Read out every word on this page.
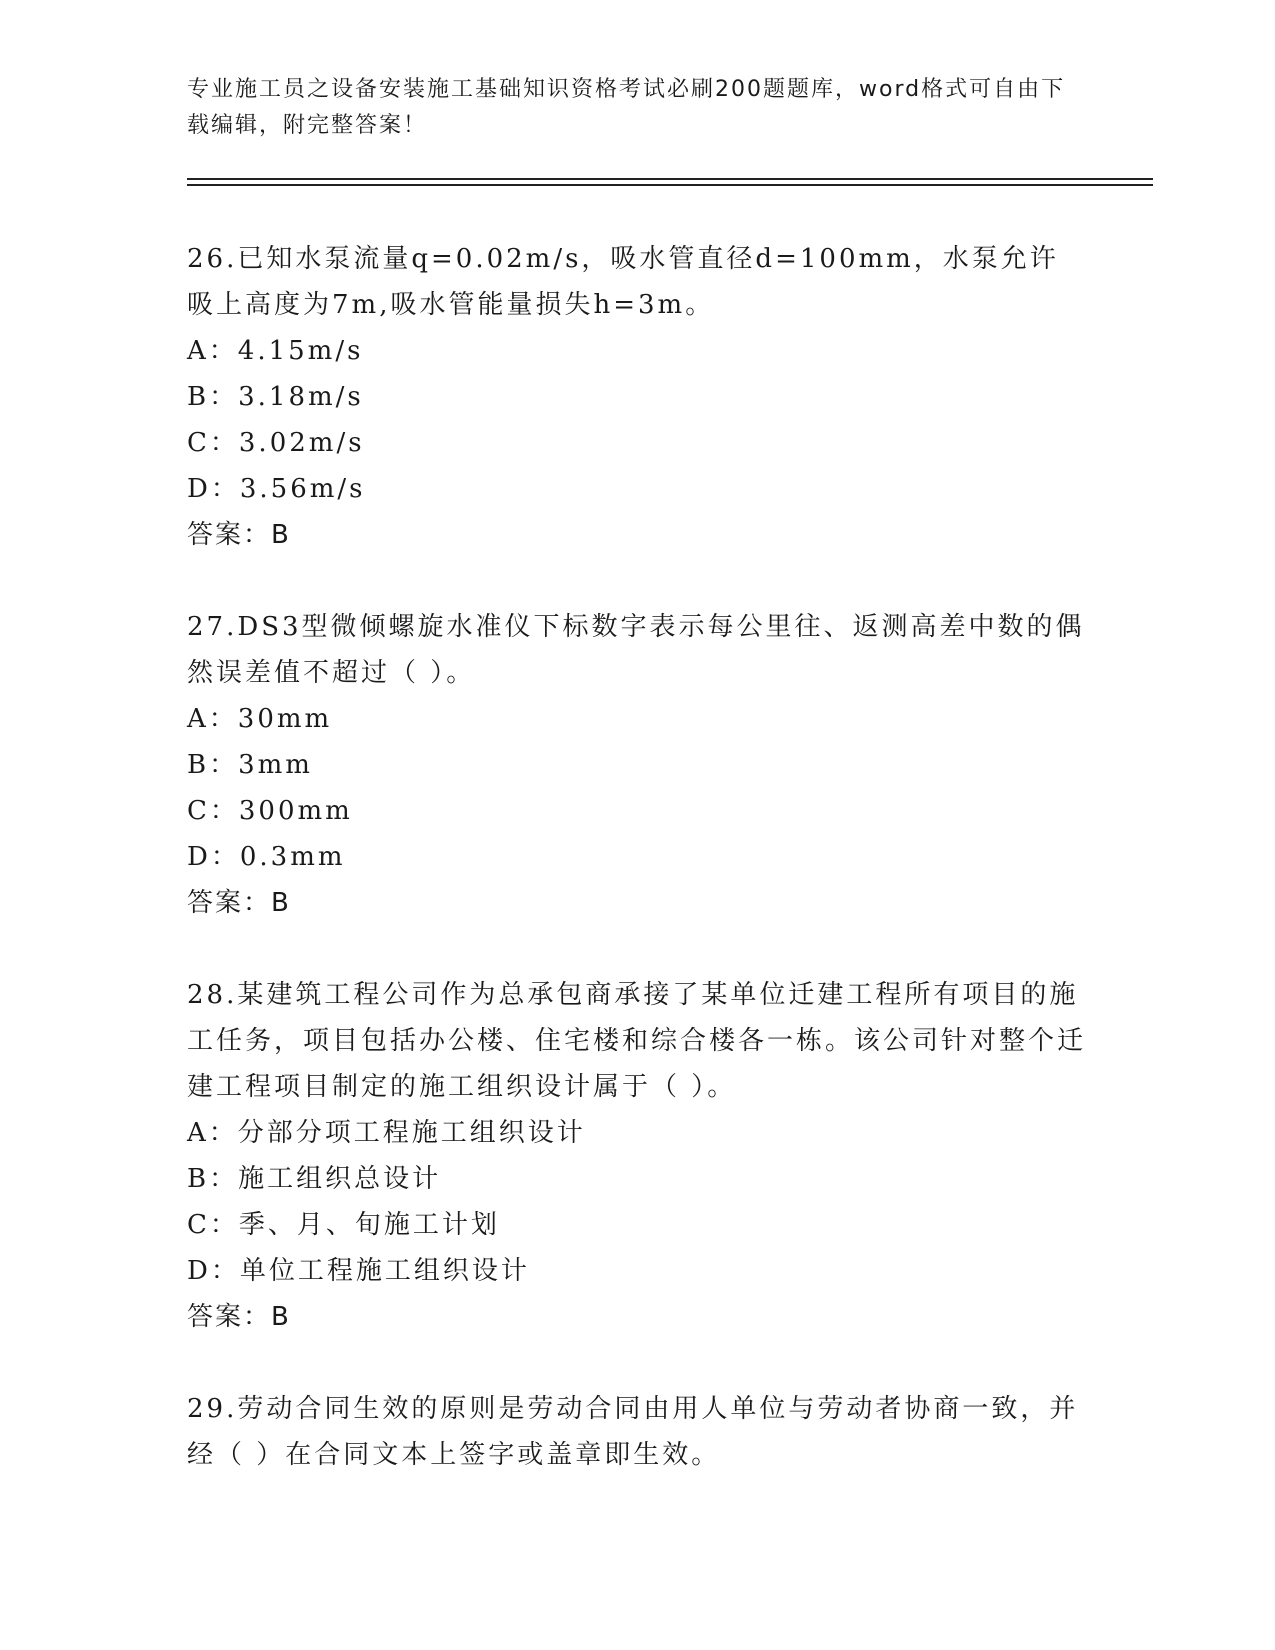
专业施工员之设备安装施工基础知识资格考试必刷200题题库，word格式可自由下载编辑，附完整答案！

26.已知水泵流量q=0.02m/s，吸水管直径d=100mm，水泵允许吸上高度为7m,吸水管能量损失h=3m。

A：4.15m/s

B：3.18m/s

C：3.02m/s

D：3.56m/s

答案：B

27.DS3型微倾螺旋水准仪下标数字表示每公里往、返测高差中数的偶然误差值不超过（ ）。

A：30mm

B：3mm

C：300mm

D：0.3mm

答案：B

28.某建筑工程公司作为总承包商承接了某单位迁建工程所有项目的施工任务，项目包括办公楼、住宅楼和综合楼各一栋。该公司针对整个迁建工程项目制定的施工组织设计属于（ ）。

A：分部分项工程施工组织设计

B：施工组织总设计

C：季、月、旬施工计划

D：单位工程施工组织设计

答案：B

29.劳动合同生效的原则是劳动合同由用人单位与劳动者协商一致，并经（ ）在合同文本上签字或盖章即生效。
